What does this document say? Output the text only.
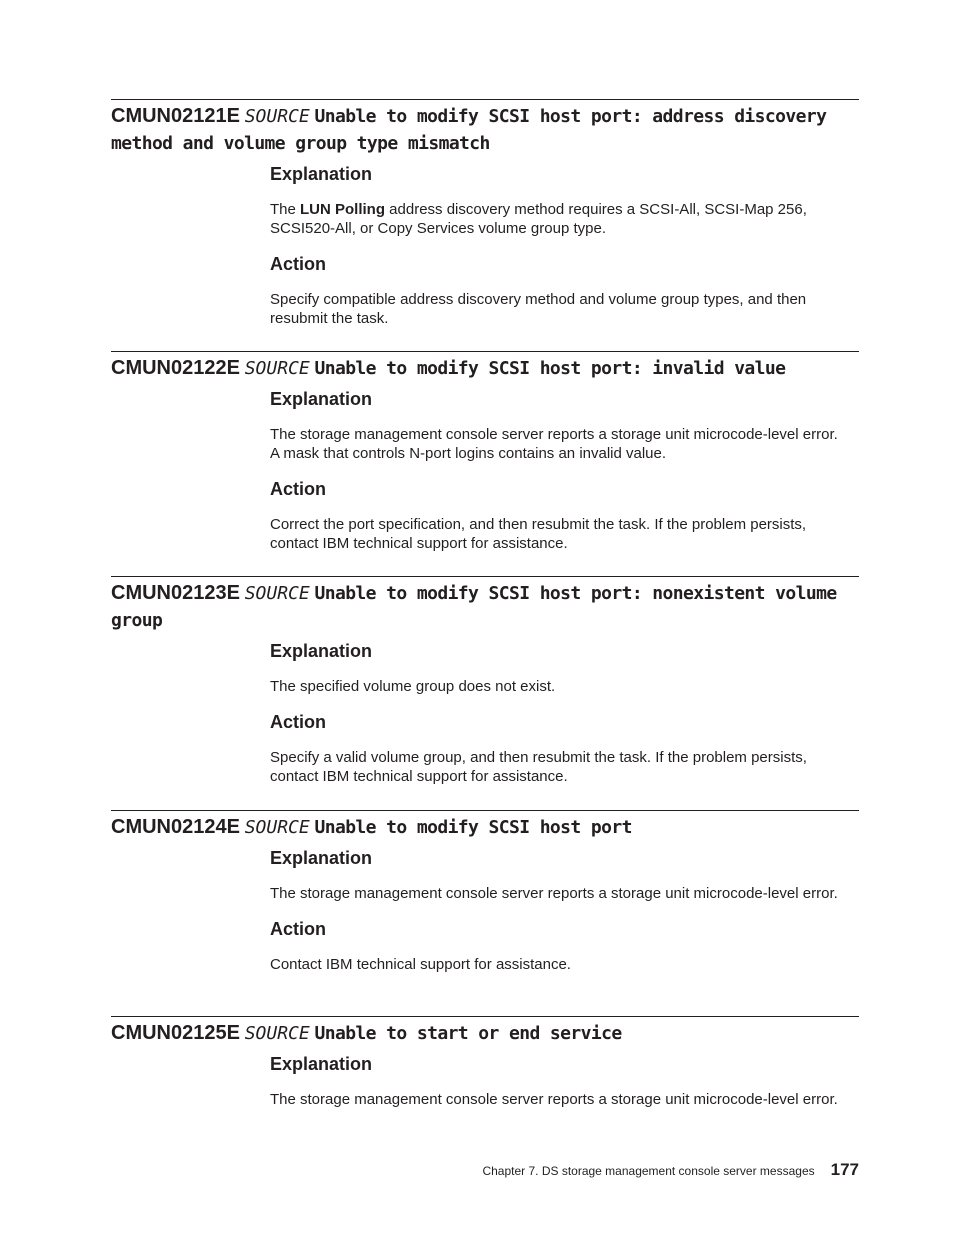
CMUN02121E SOURCE Unable to modify SCSI host port: address discovery method and volume group type mismatch
Explanation

The LUN Polling address discovery method requires a SCSI-All, SCSI-Map 256, SCSI520-All, or Copy Services volume group type.

Action

Specify compatible address discovery method and volume group types, and then resubmit the task.

CMUN02122E SOURCE Unable to modify SCSI host port: invalid value
Explanation

The storage management console server reports a storage unit microcode-level error. A mask that controls N-port logins contains an invalid value.

Action

Correct the port specification, and then resubmit the task. If the problem persists, contact IBM technical support for assistance.

CMUN02123E SOURCE Unable to modify SCSI host port: nonexistent volume group
Explanation

The specified volume group does not exist.

Action

Specify a valid volume group, and then resubmit the task. If the problem persists, contact IBM technical support for assistance.

CMUN02124E SOURCE Unable to modify SCSI host port
Explanation

The storage management console server reports a storage unit microcode-level error.

Action

Contact IBM technical support for assistance.

CMUN02125E SOURCE Unable to start or end service
Explanation

The storage management console server reports a storage unit microcode-level error.

Chapter 7. DS storage management console server messages 177
